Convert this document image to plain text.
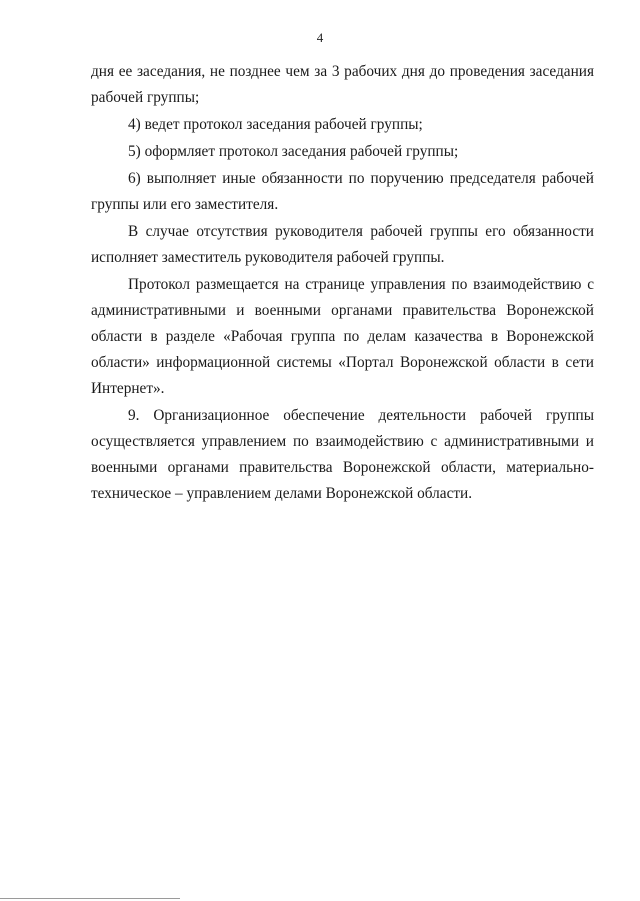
4
дня ее заседания, не позднее чем за 3 рабочих дня до проведения заседания
рабочей группы;
4) ведет протокол заседания рабочей группы;
5) оформляет протокол заседания рабочей группы;
6) выполняет иные обязанности по поручению председателя рабочей
группы или его заместителя.
В случае отсутствия руководителя рабочей группы его обязанности
исполняет заместитель руководителя рабочей группы.
Протокол размещается на странице управления по взаимодействию с
административными и военными органами правительства Воронежской
области в разделе «Рабочая группа по делам казачества в Воронежской
области» информационной системы «Портал Воронежской области в сети
Интернет».
9. Организационное обеспечение деятельности рабочей группы
осуществляется управлением по взаимодействию с административными и
военными органами правительства Воронежской области, материально-
техническое – управлением делами Воронежской области.
